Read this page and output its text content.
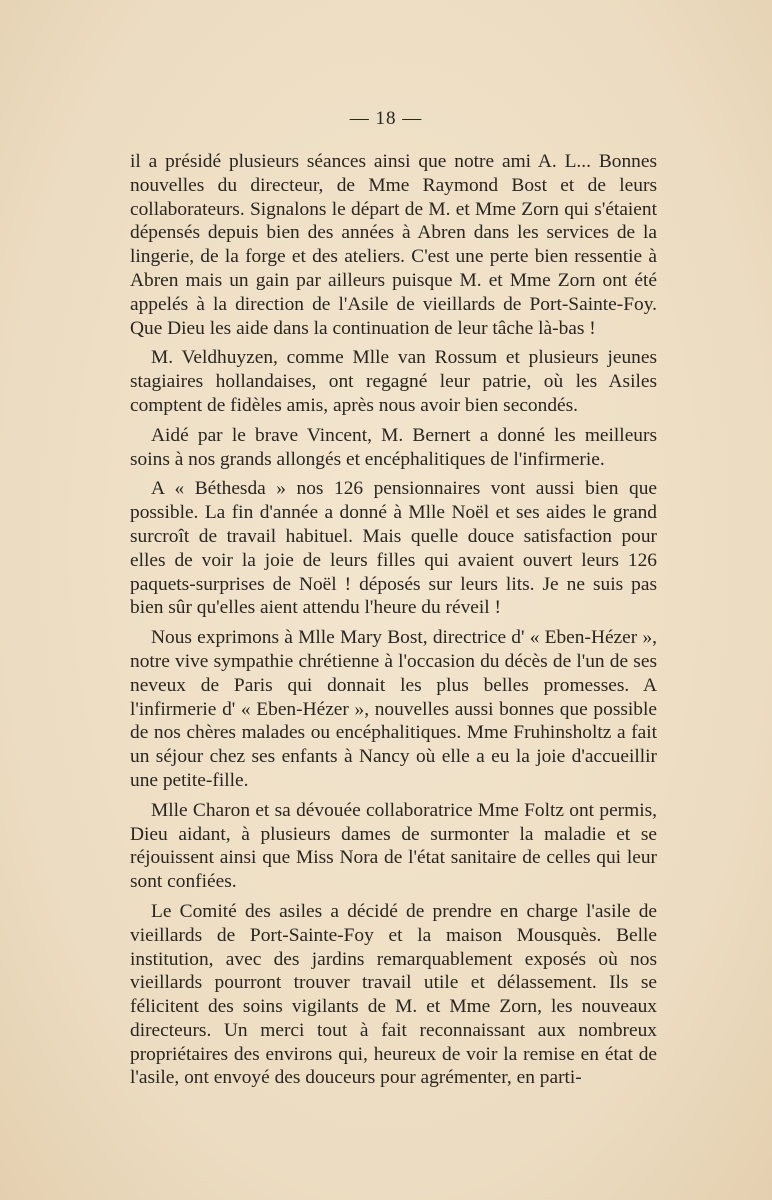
— 18 —

il a présidé plusieurs séances ainsi que notre ami A. L... Bonnes nouvelles du directeur, de Mme Raymond Bost et de leurs collaborateurs. Signalons le départ de M. et Mme Zorn qui s'étaient dépensés depuis bien des années à Abren dans les services de la lingerie, de la forge et des ateliers. C'est une perte bien ressentie à Abren mais un gain par ailleurs puisque M. et Mme Zorn ont été appelés à la direction de l'Asile de vieillards de Port-Sainte-Foy. Que Dieu les aide dans la continuation de leur tâche là-bas !

M. Veldhuyzen, comme Mlle van Rossum et plusieurs jeunes stagiaires hollandaises, ont regagné leur patrie, où les Asiles comptent de fidèles amis, après nous avoir bien secondés.

Aidé par le brave Vincent, M. Bernert a donné les meilleurs soins à nos grands allongés et encéphalitiques de l'infirmerie.

A « Béthesda » nos 126 pensionnaires vont aussi bien que possible. La fin d'année a donné à Mlle Noël et ses aides le grand surcroît de travail habituel. Mais quelle douce satisfaction pour elles de voir la joie de leurs filles qui avaient ouvert leurs 126 paquets-surprises de Noël ! déposés sur leurs lits. Je ne suis pas bien sûr qu'elles aient attendu l'heure du réveil !

Nous exprimons à Mlle Mary Bost, directrice d' « Eben-Hézer », notre vive sympathie chrétienne à l'occasion du décès de l'un de ses neveux de Paris qui donnait les plus belles promesses. A l'infirmerie d' « Eben-Hézer », nouvelles aussi bonnes que possible de nos chères malades ou encéphalitiques. Mme Fruhinsholtz a fait un séjour chez ses enfants à Nancy où elle a eu la joie d'accueillir une petite-fille.

Mlle Charon et sa dévouée collaboratrice Mme Foltz ont permis, Dieu aidant, à plusieurs dames de surmonter la maladie et se réjouissent ainsi que Miss Nora de l'état sanitaire de celles qui leur sont confiées.

Le Comité des asiles a décidé de prendre en charge l'asile de vieillards de Port-Sainte-Foy et la maison Mousquès. Belle institution, avec des jardins remarquablement exposés où nos vieillards pourront trouver travail utile et délassement. Ils se félicitent des soins vigilants de M. et Mme Zorn, les nouveaux directeurs. Un merci tout à fait reconnaissant aux nombreux propriétaires des environs qui, heureux de voir la remise en état de l'asile, ont envoyé des douceurs pour agrémenter, en parti-
